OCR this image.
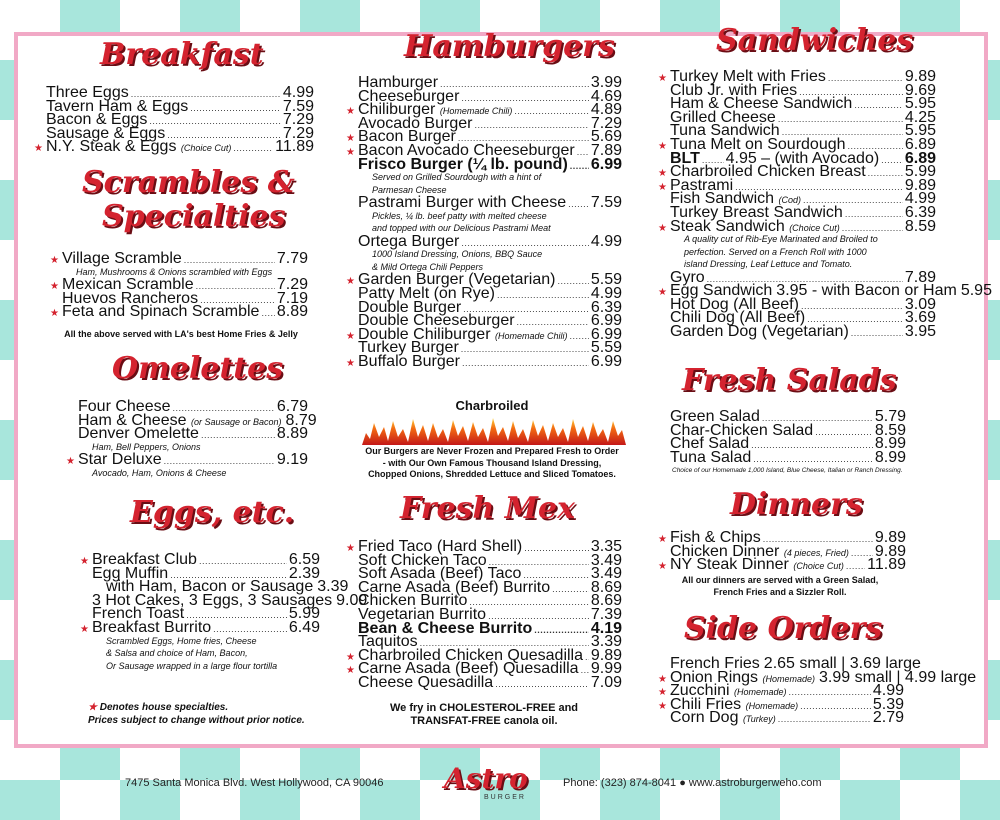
Breakfast
Scrambles &
Specialties
Omelettes
Eggs, etc.
Hamburgers
Fresh Mex
Sandwiches
Fresh Salads
Dinners
Side Orders
Three Eggs .....	4.99
Tavern Ham & Eggs .....	7.59
Bacon & Eggs .....	7.29
Sausage & Eggs .....	7.29
★ N.Y. Steak & Eggs (Choice Cut) .....	11.89
★ Village Scramble .....	7.79
Ham, Mushrooms & Onions scrambled with Eggs
★ Mexican Scramble .....	7.29
Huevos Rancheros .....	7.19
★ Feta and Spinach Scramble ..... 8.89
All the above served with LA's best Home Fries & Jelly
Four Cheese .....	6.79
Ham & Cheese (or Sausage or Bacon) 8.79
Denver Omelette .....	8.89
Ham, Bell Peppers, Onions
★ Star Deluxe .....	9.19
Avocado, Ham, Onions & Cheese
★ Breakfast Club .....	6.59
Egg Muffin .....	2.39
with Ham, Bacon or Sausage 3.39
3 Hot Cakes, 3 Eggs, 3 Sausages 9.09
French Toast .....	5.99
★ Breakfast Burrito .....	6.49
Scrambled Eggs, Home fries, Cheese
& Salsa and choice of Ham, Bacon,
Or Sausage wrapped in a large flour tortilla
★ Denotes house specialties.
Prices subject to change without prior notice.
Hamburger .....	3.99
Cheeseburger .....	4.69
★ Chiliburger (Homemade Chili) .....	4.89
Avocado Burger .....	7.29
★ Bacon Burger .....	5.69
★ Bacon Avocado Cheeseburger ..... 7.89
Frisco Burger (¼ lb. pound) ..... 6.99
Served on Grilled Sourdough with a hint of
Parmesan Cheese
Pastrami Burger with Cheese ..... 7.59
Pickles, ¼ lb. beef patty with melted cheese
and topped with our Delicious Pastrami Meat
Ortega Burger .....	4.99
1000 Island Dressing, Onions, BBQ Sauce
& Mild Ortega Chili Peppers
★ Garden Burger (Vegetarian) ..... 5.59
Patty Melt (on Rye) .....	4.99
Double Burger .....	6.39
Double Cheeseburger .....	6.99
★ Double Chiliburger (Homemade Chili) ..... 6.99
Turkey Burger .....	5.59
★ Buffalo Burger .....	6.99
Charbroiled
Our Burgers are Never Frozen and Prepared Fresh to Order
- with Our Own Famous Thousand Island Dressing,
Chopped Onions, Shredded Lettuce and Sliced Tomatoes.
★ Fried Taco (Hard Shell) .....	3.35
Soft Chicken Taco .....	3.49
Soft Asada (Beef) Taco .....	3.49
Carne Asada (Beef) Burrito .....	8.69
Chicken Burrito .....	8.69
Vegetarian Burrito .....	7.39
Bean & Cheese Burrito .....	4.19
Taquitos .....	3.39
★ Charbroiled Chicken Quesadilla ..... 9.89
★ Carne Asada (Beef) Quesadilla ..... 9.99
Cheese Quesadilla .....	7.09
We fry in CHOLESTEROL-FREE and
TRANSFAT-FREE canola oil.
★ Turkey Melt with Fries .....	9.89
Club Jr. with Fries .....	9.69
Ham & Cheese Sandwich .....	5.95
Grilled Cheese .....	4.25
Tuna Sandwich .....	5.95
★ Tuna Melt on Sourdough .....	6.89
BLT ..... 4.95 – (with Avocado) ..... 6.89
★ Charbroiled Chicken Breast ..... 5.99
★ Pastrami .....	9.89
Fish Sandwich (Cod) .....	4.99
Turkey Breast Sandwich .....	6.39
★ Steak Sandwich (Choice Cut) .....	8.59
A quality cut of Rib-Eye Marinated and Broiled to
perfection. Served on a French Roll with 1000
island Dressing, Leaf Lettuce and Tomato.
Gyro .....	7.89
★ Egg Sandwich 3.95 - with Bacon or Ham 5.95
Hot Dog (All Beef) .....	3.09
Chili Dog (All Beef) .....	3.69
Garden Dog (Vegetarian) .....	3.95
Green Salad .....	5.79
Char-Chicken Salad .....	8.59
Chef Salad .....	8.99
Tuna Salad .....	8.99
Choice of our Homemade 1,000 Island, Blue Cheese, Italian or Ranch Dressing.
★ Fish & Chips .....	9.89
Chicken Dinner (4 pieces, Fried) ..... 9.89
★ NY Steak Dinner (Choice Cut) ..... 11.89
All our dinners are served with a Green Salad,
French Fries and a Sizzler Roll.
French Fries 2.65 small | 3.69 large
★ Onion Rings (Homemade) 3.99 small | 4.99 large
★ Zucchini (Homemade) .....	4.99
★ Chili Fries (Homemade) .....	5.39
Corn Dog (Turkey) .....	2.79
7475 Santa Monica Blvd. West Hollywood, CA 90046 Astro
BURGER
Phone: (323) 874-8041 ● www.astroburgerweho.com
